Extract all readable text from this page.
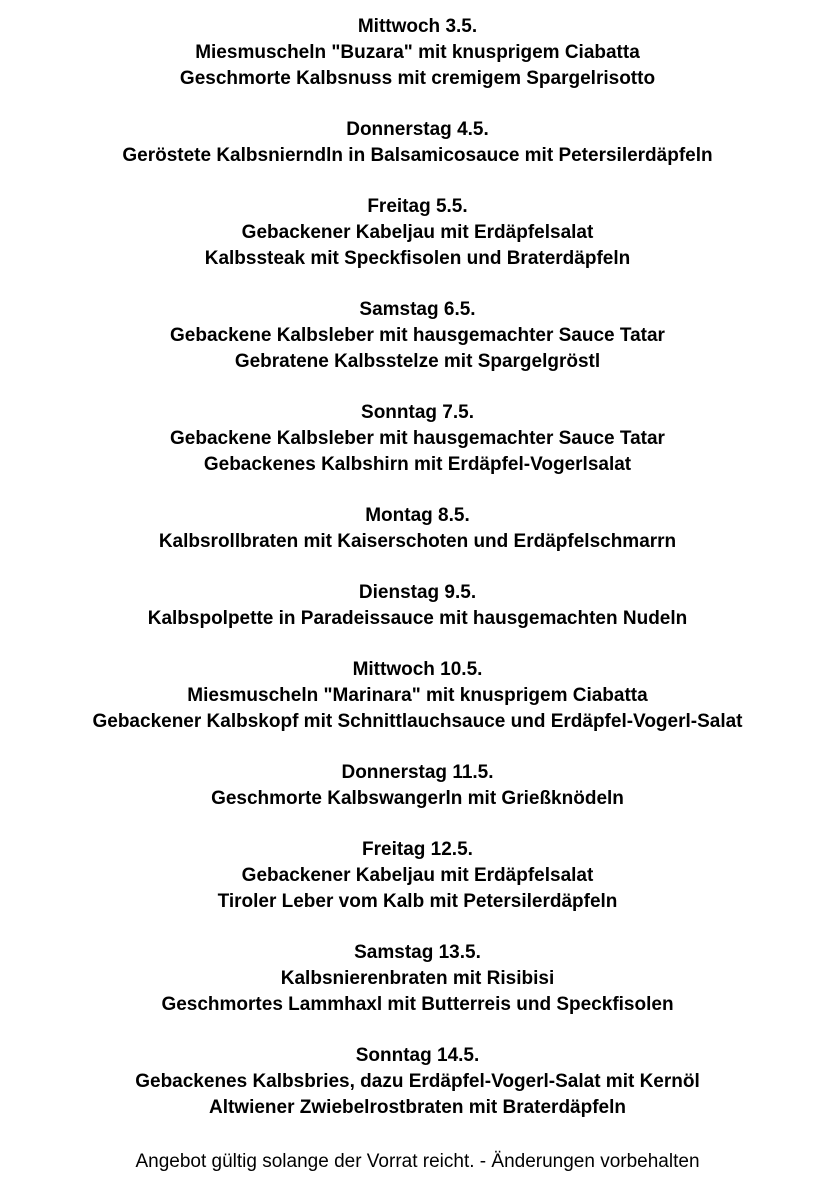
Mittwoch 3.5.
Miesmuscheln "Buzara" mit knusprigem Ciabatta
Geschmorte Kalbsnuss mit cremigem Spargelrisotto
Donnerstag 4.5.
Geröstete Kalbsnierndln in Balsamicosauce mit Petersilerdäpfeln
Freitag 5.5.
Gebackener Kabeljau mit Erdäpfelsalat
Kalbssteak mit Speckfisolen und Braterdäpfeln
Samstag 6.5.
Gebackene Kalbsleber mit hausgemachter Sauce Tatar
Gebratene Kalbsstelze mit Spargelgröstl
Sonntag 7.5.
Gebackene Kalbsleber mit hausgemachter Sauce Tatar
Gebackenes Kalbshirn mit Erdäpfel-Vogerlsalat
Montag 8.5.
Kalbsrollbraten mit Kaiserschoten und Erdäpfelschmarrn
Dienstag 9.5.
Kalbspolpette in Paradeissauce mit hausgemachten Nudeln
Mittwoch 10.5.
Miesmuscheln "Marinara" mit knusprigem Ciabatta
Gebackener Kalbskopf mit Schnittlauchsauce und Erdäpfel-Vogerl-Salat
Donnerstag 11.5.
Geschmorte Kalbswangerln mit Grießknödeln
Freitag 12.5.
Gebackener Kabeljau mit Erdäpfelsalat
Tiroler Leber vom Kalb mit Petersilerdäpfeln
Samstag 13.5.
Kalbsnierenbraten mit Risibisi
Geschmortes Lammhaxl mit Butterreis und Speckfisolen
Sonntag 14.5.
Gebackenes Kalbsbries, dazu Erdäpfel-Vogerl-Salat mit Kernöl
Altwiener Zwiebelrostbraten mit Braterdäpfeln
Angebot gültig solange der Vorrat reicht. - Änderungen vorbehalten
